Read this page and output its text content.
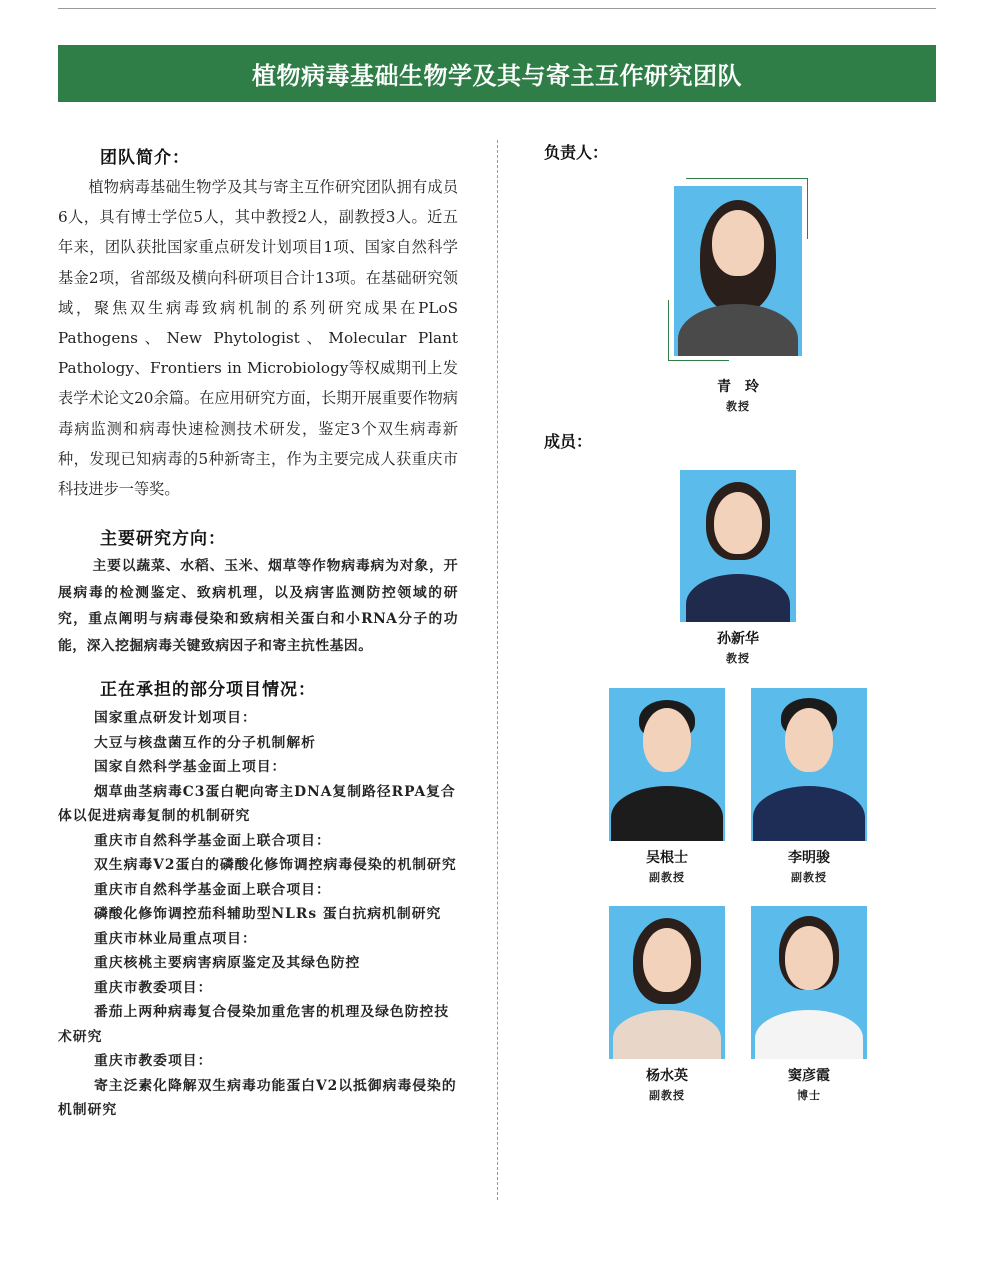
植物病毒基础生物学及其与寄主互作研究团队
团队简介：

植物病毒基础生物学及其与寄主互作研究团队拥有成员6人，具有博士学位5人，其中教授2人，副教授3人。近五年来，团队获批国家重点研发计划项目1项、国家自然科学基金2项，省部级及横向科研项目合计13项。在基础研究领域，聚焦双生病毒致病机制的系列研究成果在PLoS Pathogens、New Phytologist、Molecular Plant Pathology、Frontiers in Microbiology等权威期刊上发表学术论文20余篇。在应用研究方面，长期开展重要作物病毒病监测和病毒快速检测技术研发，鉴定3个双生病毒新种，发现已知病毒的5种新寄主，作为主要完成人获重庆市科技进步一等奖。

主要研究方向：

主要以蔬菜、水稻、玉米、烟草等作物病毒病为对象，开展病毒的检测鉴定、致病机理，以及病害监测防控领域的研究，重点阐明与病毒侵染和致病相关蛋白和小RNA分子的功能，深入挖掘病毒关键致病因子和寄主抗性基因。

正在承担的部分项目情况：
国家重点研发计划项目：
大豆与核盘菌互作的分子机制解析
国家自然科学基金面上项目：
烟草曲茎病毒C3蛋白靶向寄主DNA复制路径RPA复合体以促进病毒复制的机制研究
重庆市自然科学基金面上联合项目：
双生病毒V2蛋白的磷酸化修饰调控病毒侵染的机制研究
重庆市自然科学基金面上联合项目：
磷酸化修饰调控茄科辅助型NLRs 蛋白抗病机制研究
重庆市林业局重点项目：
重庆核桃主要病害病原鉴定及其绿色防控
重庆市教委项目：
番茄上两种病毒复合侵染加重危害的机理及绿色防控技术研究
重庆市教委项目：
寄主泛素化降解双生病毒功能蛋白V2以抵御病毒侵染的机制研究
负责人：
青　玲
教授
成员：
孙新华
教授
吴根士
副教授
李明骏
副教授
杨水英
副教授
窦彦霞
博士
